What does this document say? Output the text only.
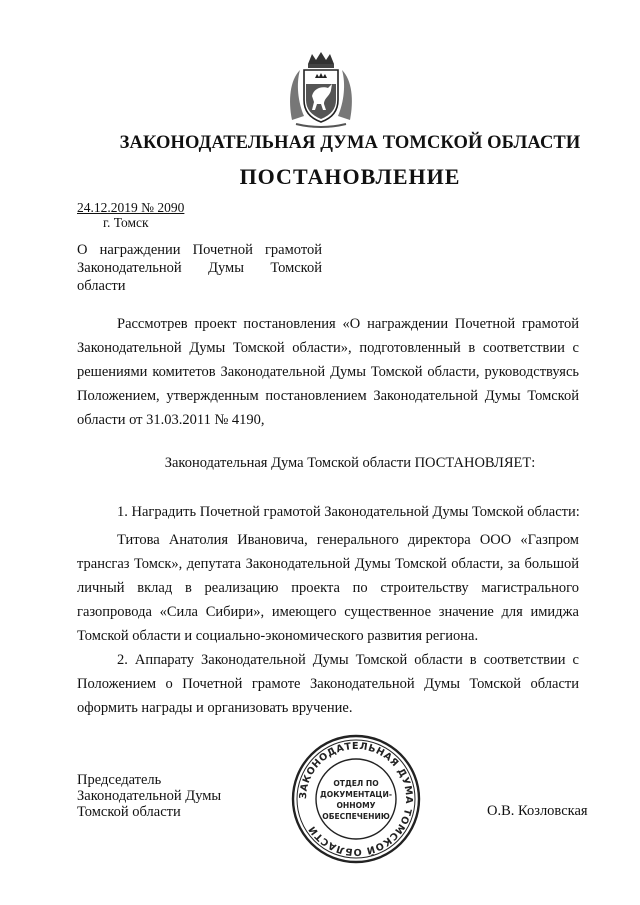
ЗАКОНОДАТЕЛЬНАЯ ДУМА ТОМСКОЙ ОБЛАСТИ
ПОСТАНОВЛЕНИЕ
24.12.2019 № 2090
г. Томск
О награждении Почетной грамотой Законодательной Думы Томской области
Рассмотрев проект постановления «О награждении Почетной грамотой Законодательной Думы Томской области», подготовленный в соответствии с решениями комитетов Законодательной Думы Томской области, руководствуясь Положением, утвержденным постановлением Законодательной Думы Томской области от 31.03.2011 № 4190,
Законодательная Дума Томской области ПОСТАНОВЛЯЕТ:
1. Наградить Почетной грамотой Законодательной Думы Томской области:
Титова Анатолия Ивановича, генерального директора ООО «Газпром трансгаз Томск», депутата Законодательной Думы Томской области, за большой личный вклад в реализацию проекта по строительству магистрального газопровода «Сила Сибири», имеющего существенное значение для имиджа Томской области и социально-экономического развития региона.
2. Аппарату Законодательной Думы Томской области в соответствии с Положением о Почетной грамоте Законодательной Думы Томской области оформить награды и организовать вручение.
Председатель
Законодательной Думы
Томской области
ЗАКОНОДАТЕЛЬНАЯ ДУМА ТОМСКОЙ ОБЛАСТИ
ОТДЕЛ ПО
ДОКУМЕНТАЦИ-
ОННОМУ
ОБЕСПЕЧЕНИЮ	О.В. Козловская
